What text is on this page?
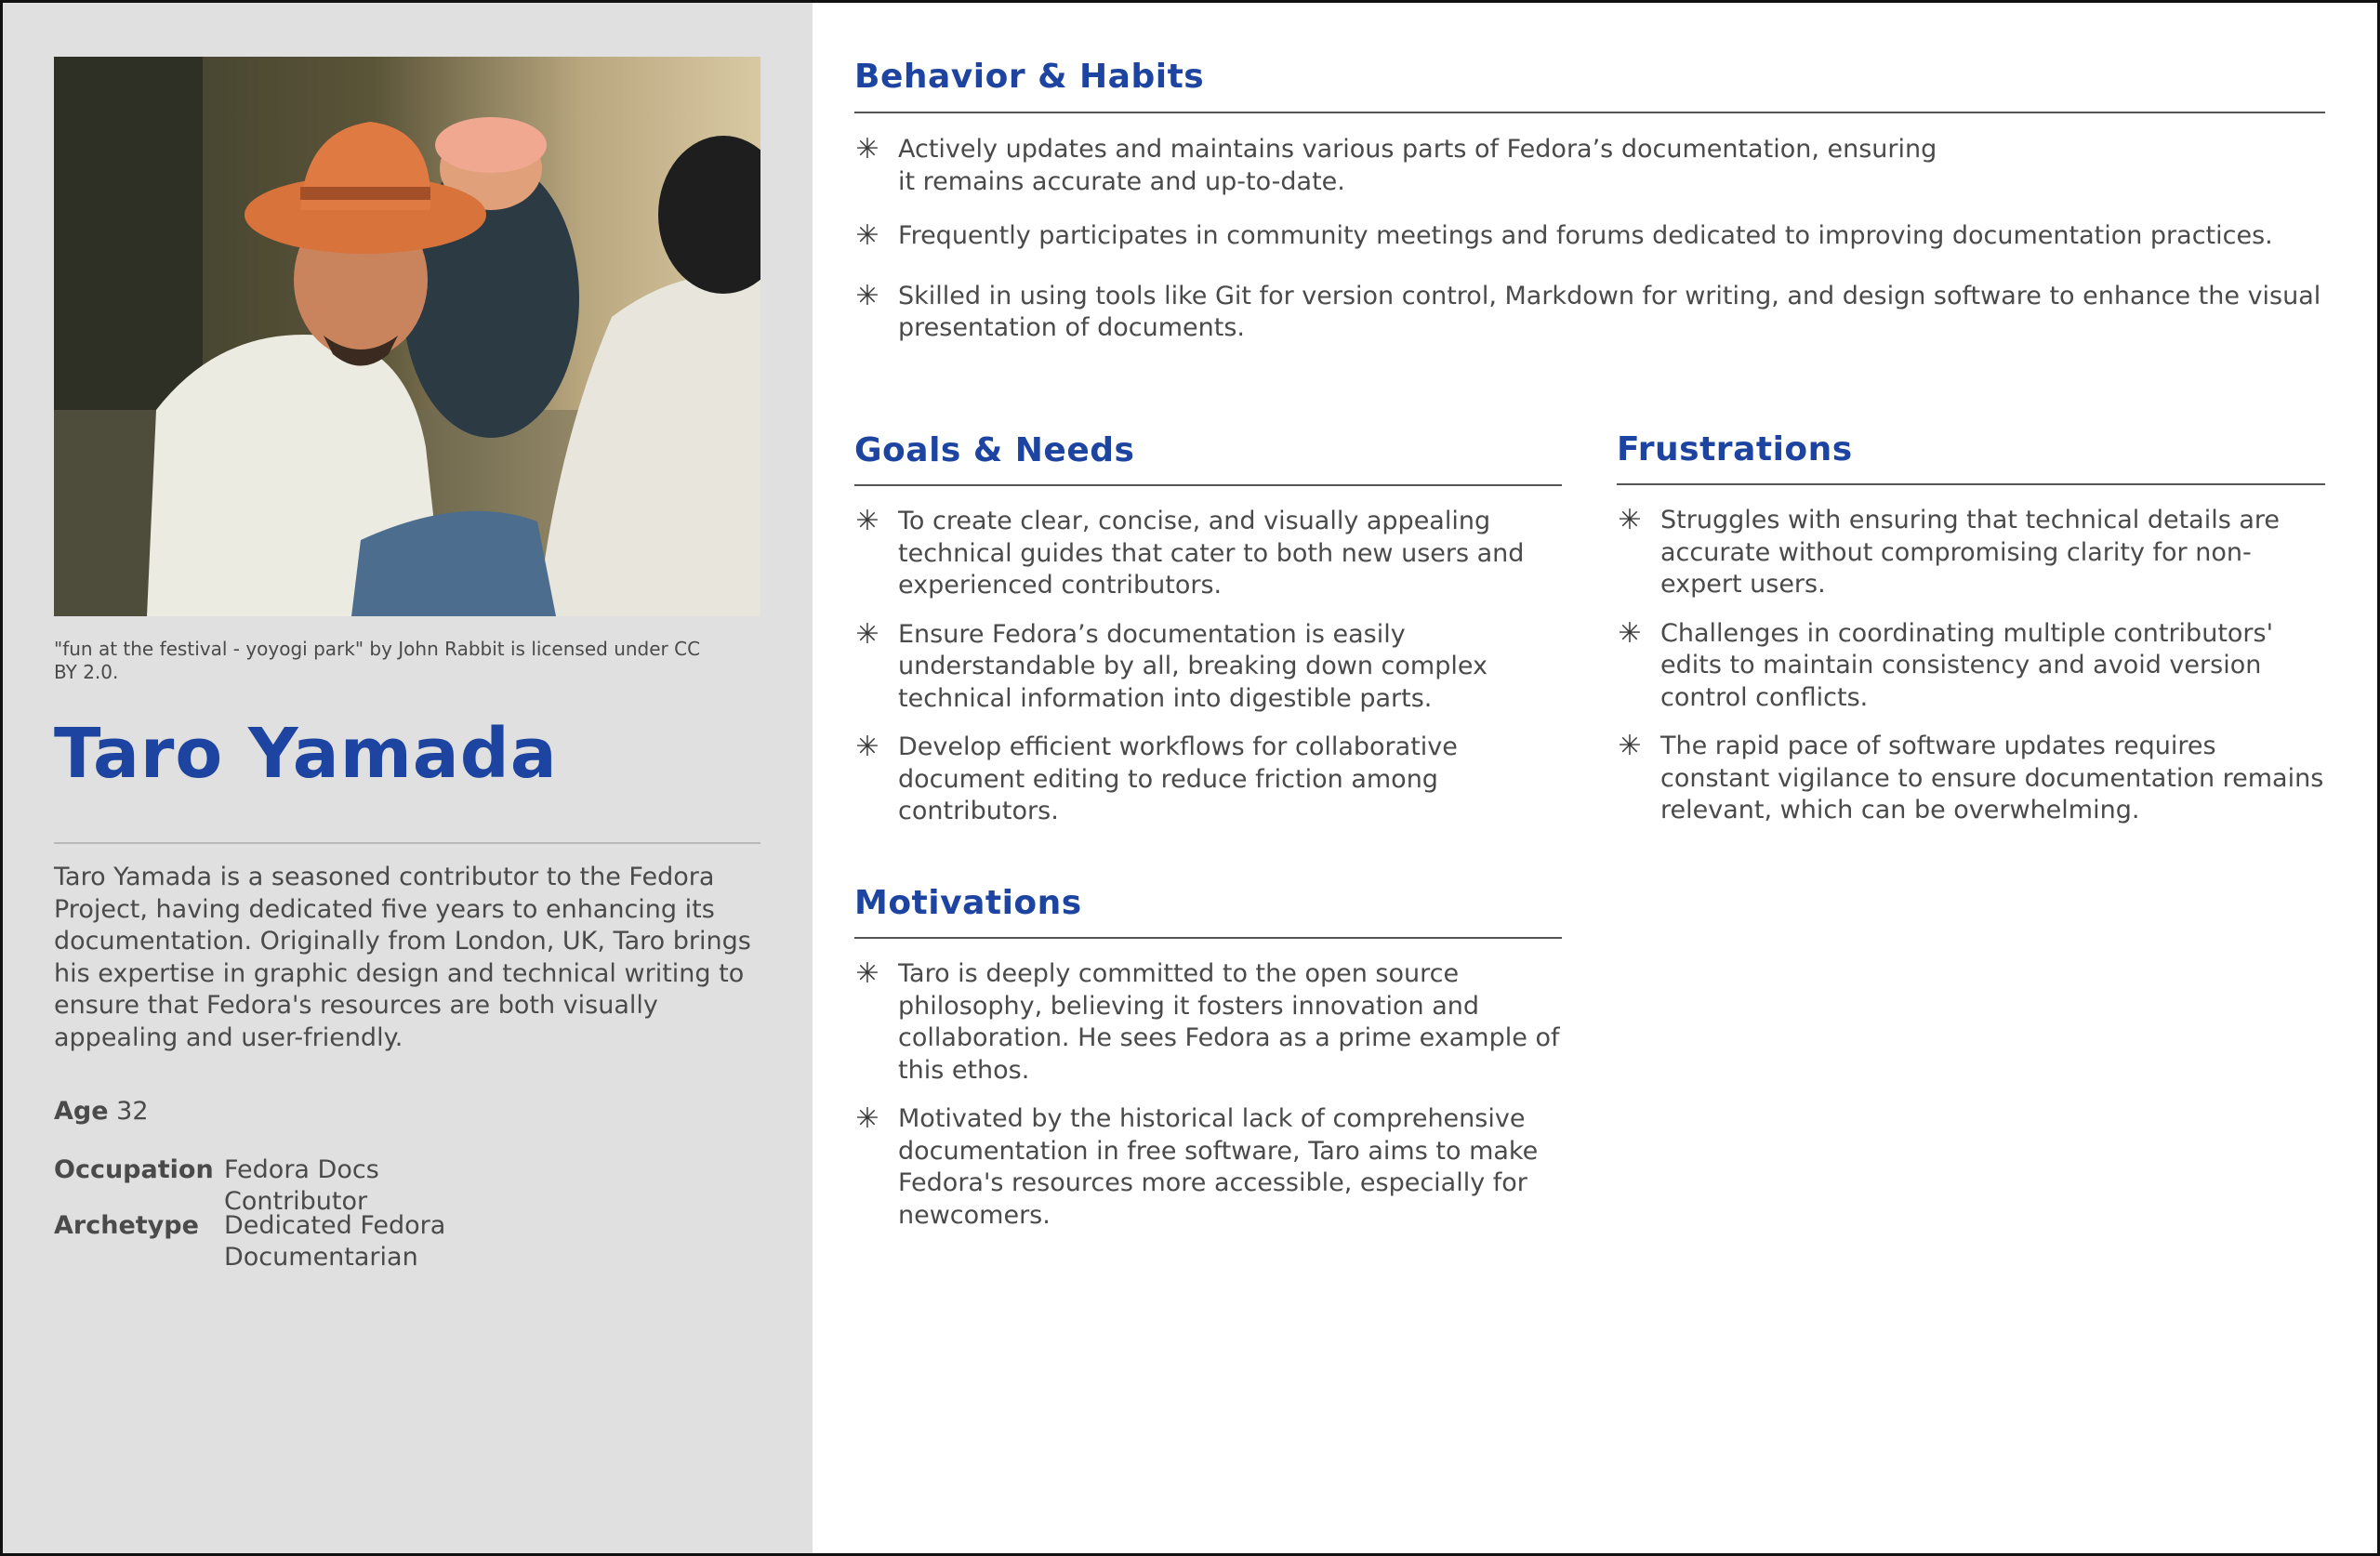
"fun at the festival - yoyogi park" by John Rabbit is licensed under CC BY 2.0.
Taro Yamada
Taro Yamada is a seasoned contributor to the Fedora Project, having dedicated five years to enhancing its documentation. Originally from London, UK, Taro brings his expertise in graphic design and technical writing to ensure that Fedora's resources are both visually appealing and user-friendly.
Age 32
Occupation Fedora Docs Contributor
Archetype Dedicated Fedora Documentarian
Behavior & Habits
✳ Actively updates and maintains various parts of Fedora’s documentation, ensuring it remains accurate and up-to-date.
✳ Frequently participates in community meetings and forums dedicated to improving documentation practices.
✳ Skilled in using tools like Git for version control, Markdown for writing, and design software to enhance the visual presentation of documents.
Goals & Needs
✳ To create clear, concise, and visually appealing technical guides that cater to both new users and experienced contributors.
✳ Ensure Fedora’s documentation is easily understandable by all, breaking down complex technical information into digestible parts.
✳ Develop efficient workflows for collaborative document editing to reduce friction among contributors.
Frustrations
✳ Struggles with ensuring that technical details are accurate without compromising clarity for non-expert users.
✳ Challenges in coordinating multiple contributors' edits to maintain consistency and avoid version control conflicts.
✳ The rapid pace of software updates requires constant vigilance to ensure documentation remains relevant, which can be overwhelming.
Motivations
✳ Taro is deeply committed to the open source philosophy, believing it fosters innovation and collaboration. He sees Fedora as a prime example of this ethos.
✳ Motivated by the historical lack of comprehensive documentation in free software, Taro aims to make Fedora's resources more accessible, especially for newcomers.
